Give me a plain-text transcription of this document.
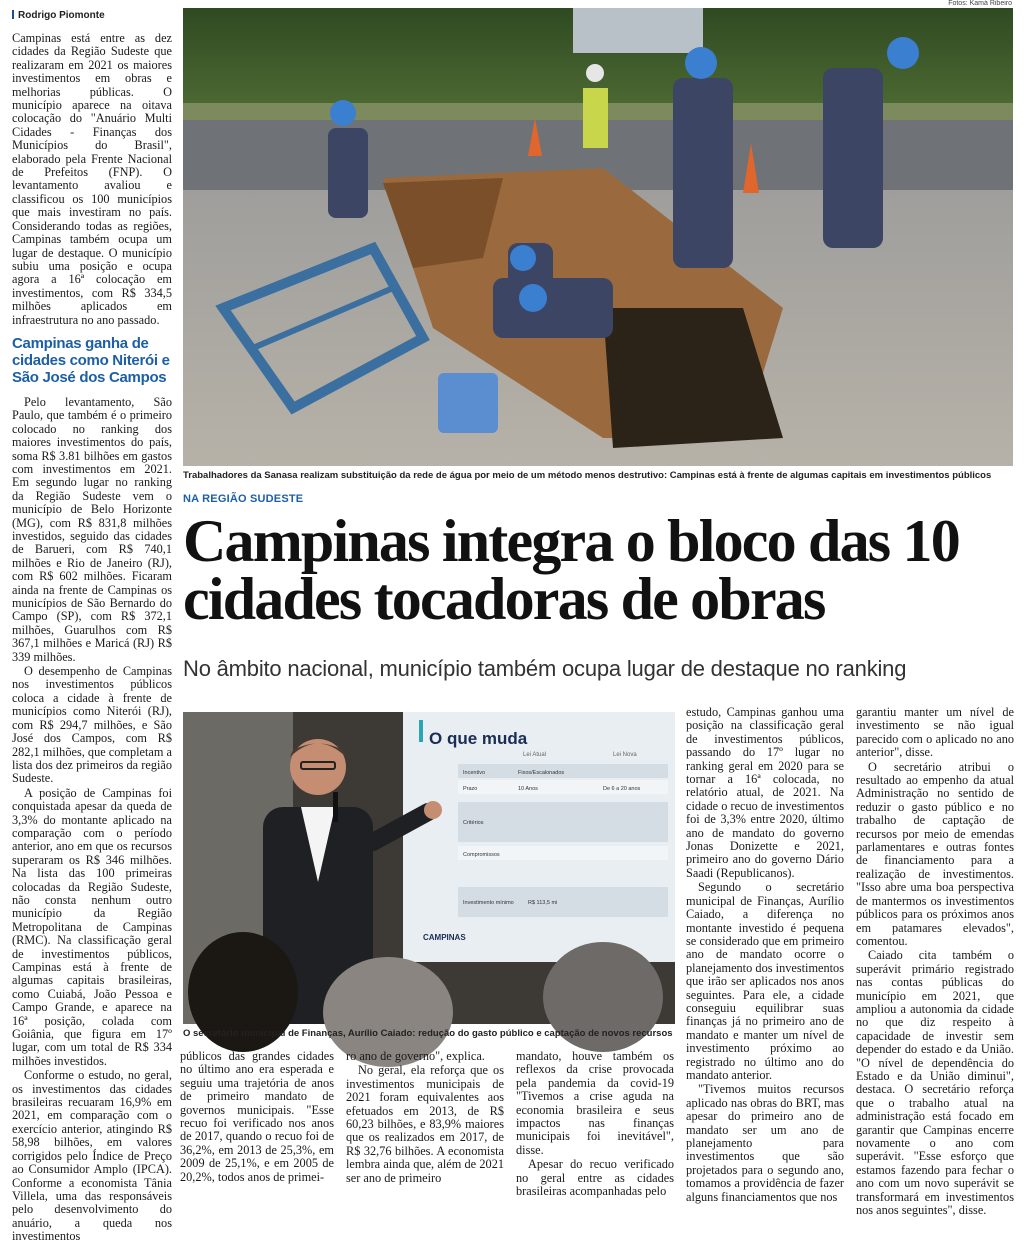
Fotos: Kamá Ribeiro
Rodrigo Piomonte

Campinas está entre as dez cidades da Região Sudeste que realizaram em 2021 os maiores investimentos em obras e melhorias públicas. O município aparece na oitava colocação do "Anuário Multi Cidades - Finanças dos Municípios do Brasil", elaborado pela Frente Nacional de Prefeitos (FNP). O levantamento avaliou e classificou os 100 municípios que mais investiram no país. Considerando todas as regiões, Campinas também ocupa um lugar de destaque. O município subiu uma posição e ocupa agora a 16ª colocação em investimentos, com R$ 334,5 milhões aplicados em infraestrutura no ano passado.

Campinas ganha de cidades como Niterói e São José dos Campos

Pelo levantamento, São Paulo, que também é o primeiro colocado no ranking dos maiores investimentos do país, soma R$ 3.81 bilhões em gastos com investimentos em 2021. Em segundo lugar no ranking da Região Sudeste vem o município de Belo Horizonte (MG), com R$ 831,8 milhões investidos, seguido das cidades de Barueri, com R$ 740,1 milhões e Rio de Janeiro (RJ), com R$ 602 milhões. Ficaram ainda na frente de Campinas os municípios de São Bernardo do Campo (SP), com R$ 372,1 milhões, Guarulhos com R$ 367,1 milhões e Maricá (RJ) R$ 339 milhões.

O desempenho de Campinas nos investimentos públicos coloca a cidade à frente de municípios como Niterói (RJ), com R$ 294,7 milhões, e São José dos Campos, com R$ 282,1 milhões, que completam a lista dos dez primeiros da região Sudeste.

A posição de Campinas foi conquistada apesar da queda de 3,3% do montante aplicado na comparação com o período anterior, ano em que os recursos superaram os R$ 346 milhões. Na lista das 100 primeiras colocadas da Região Sudeste, não consta nenhum outro município da Região Metropolitana de Campinas (RMC). Na classificação geral de investimentos públicos, Campinas está à frente de algumas capitais brasileiras, como Cuiabá, João Pessoa e Campo Grande, e aparece na 16ª posição, colada com Goiânia, que figura em 17º lugar, com um total de R$ 334 milhões investidos.

Conforme o estudo, no geral, os investimentos das cidades brasileiras recuaram 16,9% em 2021, em comparação com o exercício anterior, atingindo R$ 58,98 bilhões, em valores corrigidos pelo Índice de Preço ao Consumidor Amplo (IPCA). Conforme a economista Tânia Villela, uma das responsáveis pelo desenvolvimento do anuário, a queda nos investimentos

Trabalhadores da Sanasa realizam substituição da rede de água por meio de um método menos destrutivo: Campinas está à frente de algumas capitais em investimentos públicos
NA REGIÃO SUDESTE
Campinas integra o bloco das 10 cidades tocadoras de obras
No âmbito nacional, município também ocupa lugar de destaque no ranking
O que muda
Lei Atual	Lei Nova
Incentivo	Fixos/Escalonados
Prazo	10 Anos	De 6 a 20 anos
Critérios
Compromissos
Investimento mínimo	R$ 113,5 mi
CAMPINAS
O secretário municipal de Finanças, Aurílio Caiado: redução do gasto público e captação de novos recursos

públicos das grandes cidades no último ano era esperada e seguiu uma trajetória de anos de primeiro mandato de governos municipais. "Esse recuo foi verificado nos anos de 2017, quando o recuo foi de 36,2%, em 2013 de 25,3%, em 2009 de 25,1%, e em 2005 de 20,2%, todos anos de primei-

ro ano de governo", explica.

No geral, ela reforça que os investimentos municipais de 2021 foram equivalentes aos efetuados em 2013, de R$ 60,23 bilhões, e 83,9% maiores que os realizados em 2017, de R$ 32,76 bilhões. A economista lembra ainda que, além de 2021 ser ano de primeiro

mandato, houve também os reflexos da crise provocada pela pandemia da covid-19 "Tivemos a crise aguda na economia brasileira e seus impactos nas finanças municipais foi inevitável", disse.

Apesar do recuo verificado no geral entre as cidades brasileiras acompanhadas pelo

estudo, Campinas ganhou uma posição na classificação geral de investimentos públicos, passando do 17º lugar no ranking geral em 2020 para se tornar a 16ª colocada, no relatório atual, de 2021. Na cidade o recuo de investimentos foi de 3,3% entre 2020, último ano de mandato do governo Jonas Donizette e 2021, primeiro ano do governo Dário Saadi (Republicanos).

Segundo o secretário municipal de Finanças, Aurílio Caiado, a diferença no montante investido é pequena se considerado que em primeiro ano de mandato ocorre o planejamento dos investimentos que irão ser aplicados nos anos seguintes. Para ele, a cidade conseguiu equilibrar suas finanças já no primeiro ano de mandato e manter um nível de investimento próximo ao registrado no último ano do mandato anterior.

"Tivemos muitos recursos aplicado nas obras do BRT, mas apesar do primeiro ano de mandato ser um ano de planejamento para investimentos que são projetados para o segundo ano, tomamos a providência de fazer alguns financiamentos que nos

garantiu manter um nível de investimento se não igual parecido com o aplicado no ano anterior", disse.

O secretário atribui o resultado ao empenho da atual Administração no sentido de reduzir o gasto público e no trabalho de captação de recursos por meio de emendas parlamentares e outras fontes de financiamento para a realização de investimentos. "Isso abre uma boa perspectiva de mantermos os investimentos públicos para os próximos anos em patamares elevados", comentou.

Caiado cita também o superávit primário registrado nas contas públicas do município em 2021, que ampliou a autonomia da cidade no que diz respeito à capacidade de investir sem depender do estado e da União. "O nível de dependência do Estado e da União diminui", destaca. O secretário reforça que o trabalho atual na administração está focado em garantir que Campinas encerre novamente o ano com superávit. "Esse esforço que estamos fazendo para fechar o ano com um novo superávit se transformará em investimentos nos anos seguintes", disse.
